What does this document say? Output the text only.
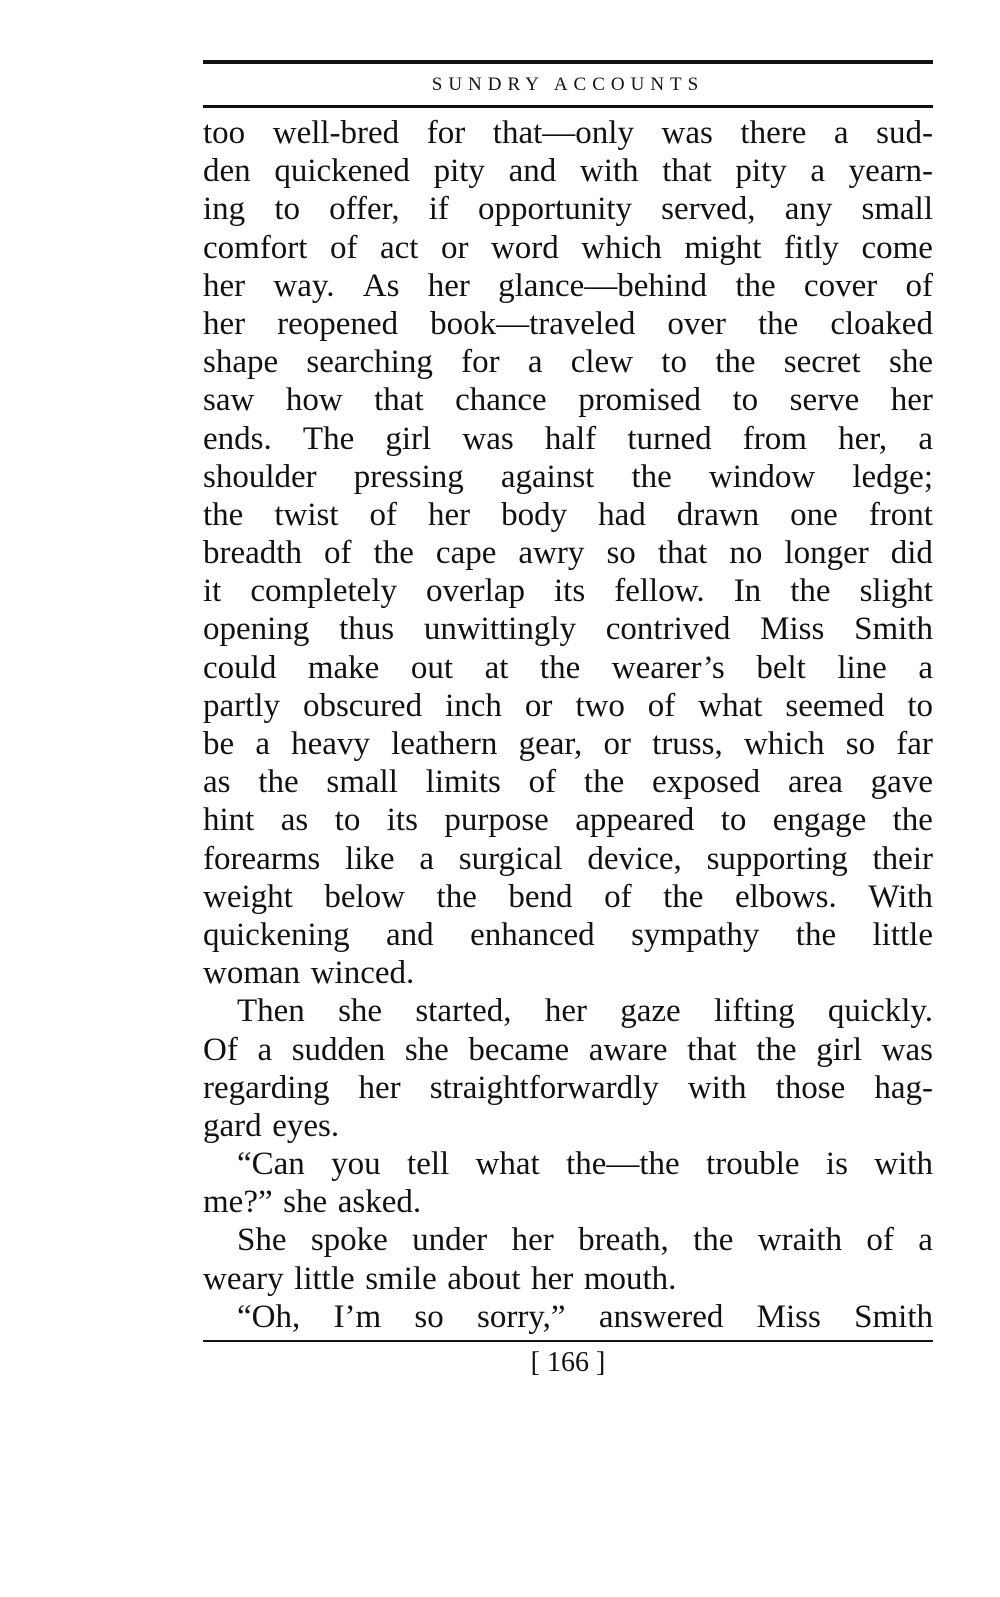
SUNDRY ACCOUNTS
too well-bred for that—only was there a sud-
den quickened pity and with that pity a yearn-
ing to offer, if opportunity served, any small
comfort of act or word which might fitly come
her way. As her glance—behind the cover of
her reopened book—traveled over the cloaked
shape searching for a clew to the secret she
saw how that chance promised to serve her
ends. The girl was half turned from her, a
shoulder pressing against the window ledge;
the twist of her body had drawn one front
breadth of the cape awry so that no longer did
it completely overlap its fellow. In the slight
opening thus unwittingly contrived Miss Smith
could make out at the wearer’s belt line a
partly obscured inch or two of what seemed to
be a heavy leathern gear, or truss, which so far
as the small limits of the exposed area gave
hint as to its purpose appeared to engage the
forearms like a surgical device, supporting their
weight below the bend of the elbows. With
quickening and enhanced sympathy the little
woman winced.
Then she started, her gaze lifting quickly.
Of a sudden she became aware that the girl was
regarding her straightforwardly with those hag-
gard eyes.
“Can you tell what the—the trouble is with
me?” she asked.
She spoke under her breath, the wraith of a
weary little smile about her mouth.
“Oh, I’m so sorry,” answered Miss Smith
[ 166 ]
